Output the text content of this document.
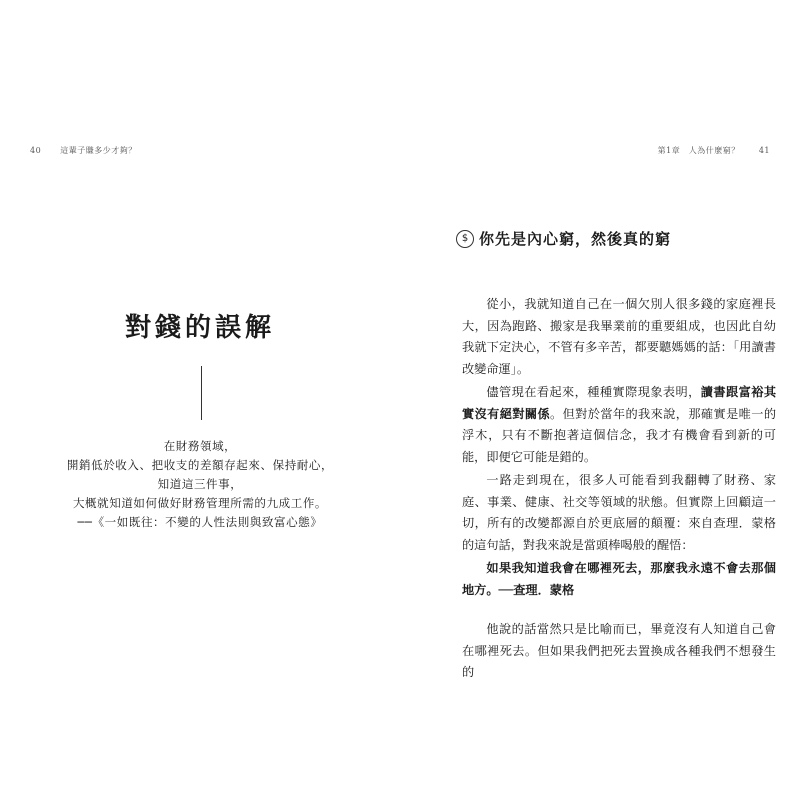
40 這輩子賺多少才夠？
對錢的誤解
在財務領域，
開銷低於收入、把收支的差額存起來、保持耐心，
知道這三件事，
大概就知道如何做好財務管理所需的九成工作。
──《一如既往：不變的人性法則與致富心態》
第1章　人為什麼窮？ 41
$ 你先是內心窮，然後真的窮

從小，我就知道自己在一個欠別人很多錢的家庭裡長大，因為跑路、搬家是我畢業前的重要組成，也因此自幼我就下定決心，不管有多辛苦，都要聽媽媽的話：「用讀書改變命運」。

儘管現在看起來，種種實際現象表明，讀書跟富裕其實沒有絕對關係。但對於當年的我來說，那確實是唯一的浮木，只有不斷抱著這個信念，我才有機會看到新的可能，即便它可能是錯的。

一路走到現在，很多人可能看到我翻轉了財務、家庭、事業、健康、社交等領域的狀態。但實際上回顧這一切，所有的改變都源自於更底層的顛覆：來自查理．蒙格的這句話，對我來說是當頭棒喝般的醒悟：

如果我知道我會在哪裡死去，那麼我永遠不會去那個地方。──查理．蒙格

他說的話當然只是比喻而已，畢竟沒有人知道自己會在哪裡死去。但如果我們把死去置換成各種我們不想發生的
